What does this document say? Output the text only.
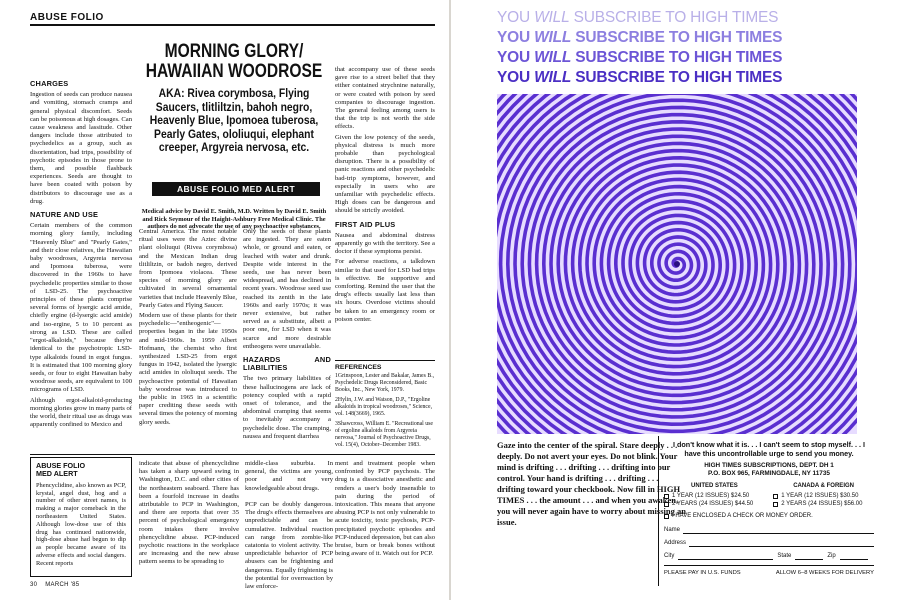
ABUSE FOLIO
CHARGES

Ingestion of seeds can produce nausea and vomiting, stomach cramps and general physical discomfort. Seeds can be poisonous at high dosages. Can cause weakness and lassitude. Other dangers include those attributed to psychedelics as a group, such as disorientation, bad trips, possibility of psychotic episodes in those prone to them, and possible flashback experiences. Seeds are thought to have been coated with poison by distributors to discourage use as a drug.

NATURE AND USE

Certain members of the common morning glory family, including "Heavenly Blue" and "Pearly Gates," and their close relatives, the Hawaiian baby woodroses, Argyreia nervosa and Ipomoea tuberosa, were discovered in the 1960s to have psychedelic properties similar to those of LSD-25. The psychoactive principles of these plants comprise several forms of lysergic acid amide, chiefly ergine (d-lysergic acid amide) and iso-ergine, 5 to 10 percent as strong as LSD. These are called "ergot-alkaloids," because they're identical to the psychotropic LSD-type alkaloids found in ergot fungus. It is estimated that 100 morning glory seeds, or four to eight Hawaiian baby woodrose seeds, are equivalent to 100 micrograms of LSD.

Although ergot-alkaloid-producing morning glories grow in many parts of the world, their ritual use as drugs was apparently confined to Mexico and

MORNING GLORY/
HAWAIIAN WOODROSE
AKA: Rivea corymbosa, Flying Saucers, tlitliltzin, bahoh negro, Heavenly Blue, Ipomoea tuberosa, Pearly Gates, ololiuqui, elephant creeper, Argyreia nervosa, etc.
ABUSE FOLIO MED ALERT
Medical advice by David E. Smith, M.D. Written by David E. Smith and Rick Seymour of the Haight-Ashbury Free Medical Clinic. The authors do not advocate the use of any psychoactive substances.

Central America. The most notable ritual uses were the Aztec divine plant ololiuqui (Rivea corymbosa) and the Mexican Indian drug tlitliltzin, or badoh negro, derived from Ipomoea violacea. These species of morning glory are cultivated in several ornamental varieties that include Heavenly Blue, Pearly Gates and Flying Saucer.

Modern use of these plants for their psychedelic—"entheogenic"—properties began in the late 1950s and mid-1960s. In 1959 Albert Hofmann, the chemist who first synthesized LSD-25 from ergot fungus in 1942, isolated the lysergic acid amides in ololiuqui seeds. The psychoactive potential of Hawaiian baby woodrose was introduced to the public in 1965 in a scientific paper crediting these seeds with several times the potency of morning glory seeds.

Only the seeds of these plants are ingested. They are eaten whole, or ground and eaten, or leached with water and drunk. Despite wide interest in the seeds, use has never been widespread, and has declined in recent years. Woodrose seed use reached its zenith in the late 1960s and early 1970s; it was never extensive, but rather served as a substitute, albeit a poor one, for LSD when it was scarce and more desirable entheogens were unavailable.

HAZARDS AND LIABILITIES

The two primary liabilities of these hallucinogens are lack of potency coupled with a rapid onset of tolerance, and the abdominal cramping that seems to inevitably accompany a psychedelic dose. The cramping, nausea and frequent diarrhea

that accompany use of these seeds gave rise to a street belief that they either contained strychnine naturally, or were coated with poison by seed companies to discourage ingestion. The general feeling among users is that the trip is not worth the side effects.

Given the low potency of the seeds, physical distress is much more probable than psychological disruption. There is a possibility of panic reactions and other psychedelic bad-trip symptoms, however, and especially in users who are unfamiliar with psychedelic effects. High doses can be dangerous and should be strictly avoided.

FIRST AID PLUS

Nausea and abdominal distress apparently go with the territory. See a doctor if these symptoms persist.

For adverse reactions, a talkdown similar to that used for LSD bad trips is effective. Be supportive and comforting. Remind the user that the drug's effects usually last less than six hours. Overdose victims should be taken to an emergency room or poison center.

REFERENCES

1Grinspoon, Lester and Bakalar, James B., Psychedelic Drugs Reconsidered, Basic Books, Inc., New York, 1979.

2Hylin, J.W. and Watson, D.P., "Ergoline alkaloids in tropical woodroses," Science, vol. 148(3669), 1965.

3Shawcross, William E. "Recreational use of ergoline alkaloids from Argyreia nervosa," Journal of Psychoactive Drugs, vol. 15(4), October–December 1983.

ABUSE FOLIO
MED ALERT
Phencyclidine, also known as PCP, krystal, angel dust, hog and a number of other street names, is making a major comeback in the northeastern United States. Although low-dose use of this drug has continued nationwide, high-dose abuse had begun to dip as people became aware of its adverse effects and social dangers. Recent reports

indicate that abuse of phencyclidine has taken a sharp upward swing in Washington, D.C. and other cities of the northeastern seaboard. There has been a fourfold increase in deaths attributable to PCP in Washington, and there are reports that over 35 percent of psychological emergency room intakes there involve phencyclidine abuse. PCP-induced psychotic reactions in the workplace are increasing and the new abuse pattern seems to be spreading to

middle-class suburbia. In general, the victims are young, poor and not very knowledgeable about drugs.

PCP can be doubly dangerous. The drug's effects themselves are unpredictable and can be cumulative. Individual reaction can range from zombie-like catatonia to violent activity. The unpredictable behavior of PCP abusers can be frightening and dangerous. Equally frightening is the potential for overreaction by law enforce-

ment and treatment people when confronted by PCP psychosis. The drug is a dissociative anesthetic and renders a user's body insensible to pain during the period of intoxication. This means that anyone abusing PCP is not only vulnerable to acute toxicity, toxic psychosis, PCP-precipitated psychotic episodes and PCP-induced depression, but can also bruise, burn or break bones without being aware of it. Watch out for PCP.

30 MARCH '85
YOU WILL SUBSCRIBE TO HIGH TIMES
YOU WILL SUBSCRIBE TO HIGH TIMES
YOU WILL SUBSCRIBE TO HIGH TIMES
YOU WILL SUBSCRIBE TO HIGH TIMES
Gaze into the center of the spiral. Stare deeply . . . deeply. Do not avert your eyes. Do not blink. Your mind is drifting . . . drifting . . . drifting into our control. Your hand is drifting . . . drifting . . . drifting toward your checkbook. Now fill in HIGH TIMES . . . the amount . . . and when you awaken, you will never again have to worry about missing an issue.
I don't know what it is. . . I can't seem to stop myself. . . I have this uncontrollable urge to send you money.
HIGH TIMES SUBSCRIPTIONS, DEPT. DH 1
P.O. BOX 965, FARMINGDALE, NY 11735
UNITED STATES
1 YEAR (12 ISSUES) $24.50
2 YEARS (24 ISSUES) $44.50
CANADA & FOREIGN
1 YEAR (12 ISSUES) $30.50
2 YEARS (24 ISSUES) $56.00
I HAVE ENCLOSED A CHECK OR MONEY ORDER.
Name
Address
City	State	Zip
PLEASE PAY IN U.S. FUNDS	ALLOW 6–8 WEEKS FOR DELIVERY
